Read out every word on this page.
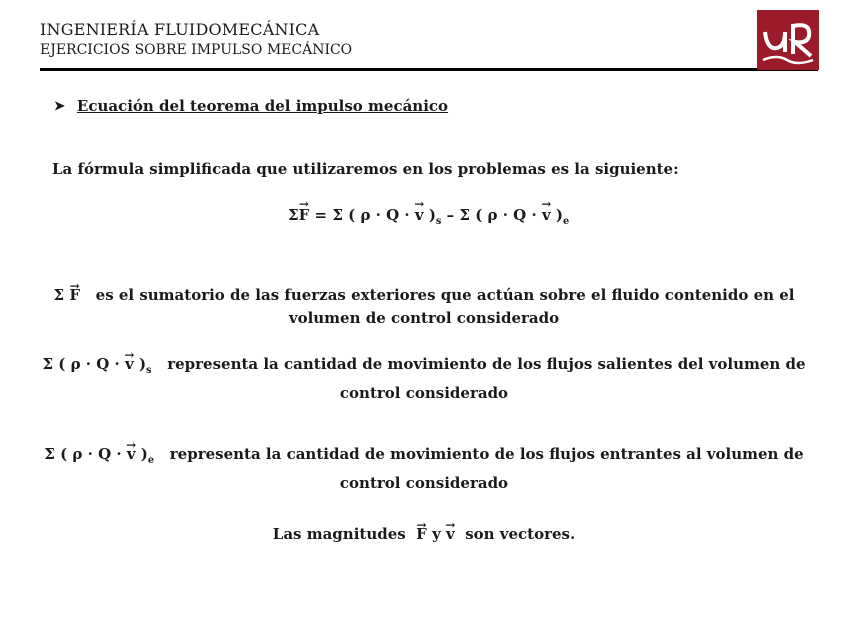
INGENIERÍA FLUIDOMECÁNICA
EJERCICIOS SOBRE IMPULSO MECÁNICO
➤ Ecuación del teorema del impulso mecánico
La fórmula simplificada que utilizaremos en los problemas es la siguiente:
Σ→ F = Σ ( ρ · Q · → v )$_s$ – Σ ( ρ · Q · → v )$_e$
Σ → F es el sumatorio de las fuerzas exteriores que actúan sobre el fluido contenido en el
volumen de control considerado
Σ ( ρ · Q · → v )$_s$ representa la cantidad de movimiento de los flujos salientes del volumen de
control considerado
Σ ( ρ · Q · → v )$_e$ representa la cantidad de movimiento de los flujos entrantes al volumen de
control considerado
Las magnitudes → F y → v son vectores.
